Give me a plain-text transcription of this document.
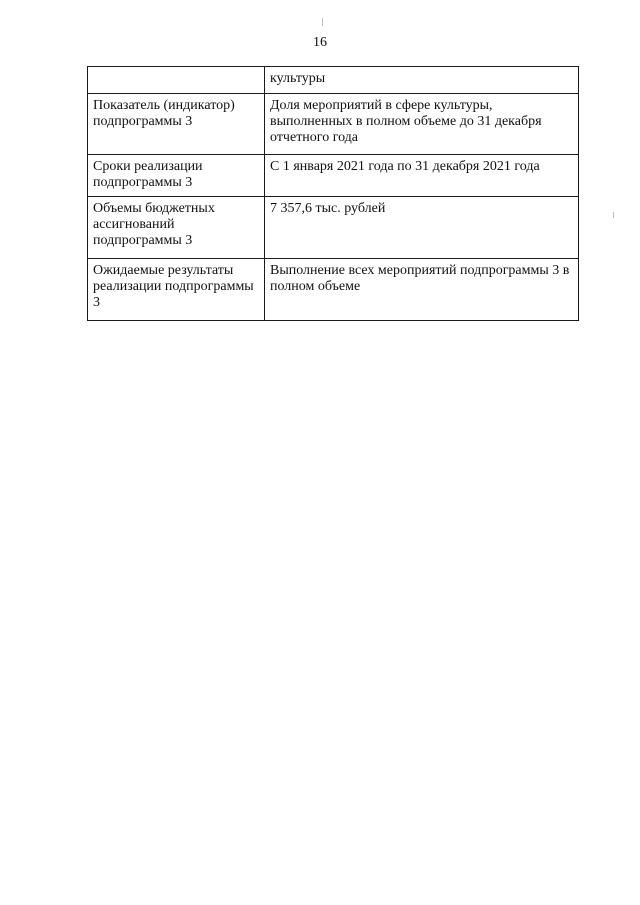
16
	культуры
Показатель (индикатор) подпрограммы 3	Доля мероприятий в сфере культуры, выполненных в полном объеме до 31 декабря отчетного года
Сроки реализации подпрограммы 3	С 1 января 2021 года по 31 декабря 2021 года
Объемы бюджетных ассигнований подпрограммы 3	7 357,6 тыс. рублей
Ожидаемые результаты реализации подпрограммы 3	Выполнение всех мероприятий подпрограммы 3 в полном объеме
